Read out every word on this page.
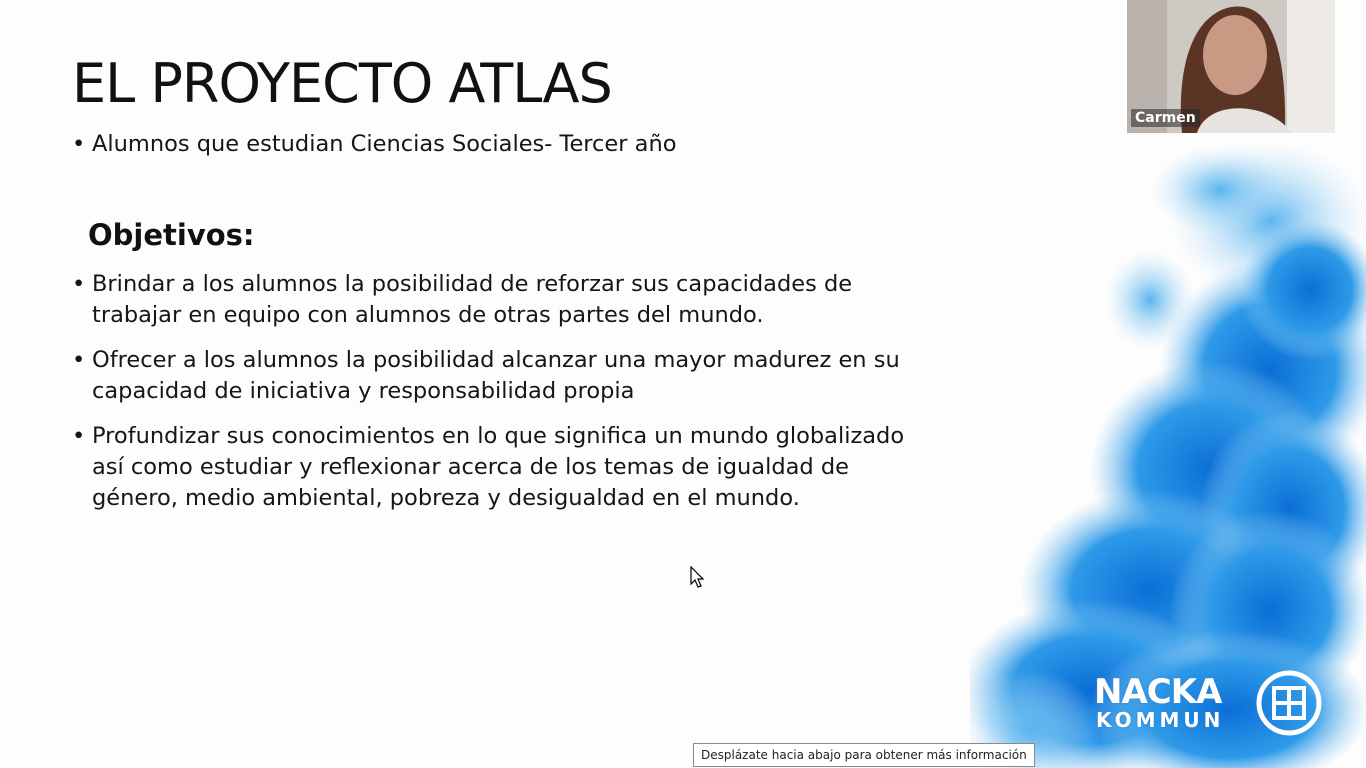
EL PROYECTO ATLAS
• Alumnos que estudian Ciencias Sociales- Tercer año
Objetivos:
• Brindar a los alumnos la posibilidad de reforzar sus capacidades de trabajar en equipo con alumnos de otras partes del mundo.
• Ofrecer a los alumnos la posibilidad alcanzar una mayor madurez en su capacidad de iniciativa y responsabilidad propia
• Profundizar sus conocimientos en lo que significa un mundo globalizado así como estudiar y reflexionar acerca de los temas de igualdad de género, medio ambiental, pobreza y desigualdad en el mundo.
NACKA
KOMMUN
Carmen
Desplázate hacia abajo para obtener más información
